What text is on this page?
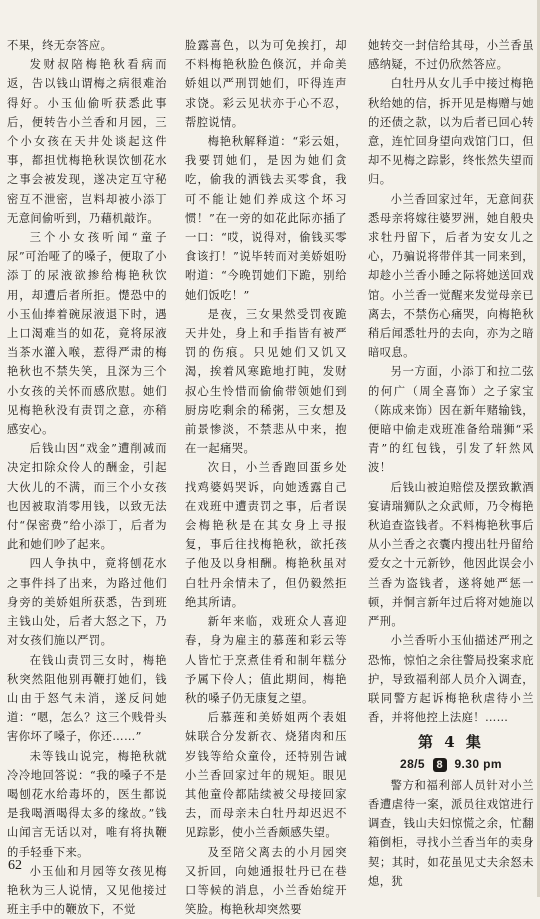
不果，终无奈答应。

发财叔陪梅艳秋看病而返，告以钱山谓梅之病很难治得好。小玉仙偷听获悉此事后，便转告小兰香和月园，三个小女孩在天井处谈起这件事，都担忧梅艳秋误饮刨花水之事会被发现，遂决定互守秘密互不泄密，岂料却被小添丁无意间偷听到，乃藉机敲诈。

三个小女孩听闻“童子尿”可治哑了的嗓子，便取了小添丁的尿液欲掺给梅艳秋饮用，却遭后者所拒。憷恐中的小玉仙捧着碗尿液退下时，遇上口渴难当的如花，竟将尿液当茶水灌入喉，惹得严肃的梅艳秋也不禁失笑，且深为三个小女孩的关怀而感欣慰。她们见梅艳秋没有责罚之意，亦稍感安心。

后钱山因“戏金”遭削减而决定扣除众伶人的酬金，引起大伙儿的不满，而三个小女孩也因被取消零用钱，以致无法付“保密费”给小添丁，后者为此和她们吵了起来。

四人争执中，竟将刨花水之事件抖了出来，为路过他们身旁的美娇姐所获悉，告到班主钱山处，后者大怒之下，乃对女孩们施以严罚。

在钱山责罚三女时，梅艳秋突然阻他别再鞭打她们，钱山由于怒气未消，遂反问她道：“嗯，怎么？这三个贱骨头害你坏了嗓子，你还……”

未等钱山说完，梅艳秋就冷冷地回答说：“我的嗓子不是喝刨花水给毒坏的，医生都说是我喝酒喝得太多的缘故。”钱山闻言无话以对，唯有将执鞭的手轻垂下来。

小玉仙和月园等女孩见梅艳秋为三人说情，又见他接过班主手中的鞭放下，不觉

脸露喜色，以为可免挨打，却不料梅艳秋脸色倏沉，并命美娇姐以严刑罚她们，吓得连声求饶。彩云见状亦于心不忍，帮腔说情。

梅艳秋解释道：“彩云姐，我要罚她们，是因为她们贪吃，偷我的洒钱去买零食，我可不能让她们养成这个坏习惯！”在一旁的如花此际亦插了一口：“哎，说得对，偷钱买零食该打！”说毕转而对美娇姐吩咐道：“今晚罚她们下跪，别给她们饭吃！”

是夜，三女果然受罚夜跪天井处，身上和手指皆有被严罚的伤痕。只见她们又饥又渴，挨着风寒跪地打盹，发财叔心生怜惜而偷偷带领她们到厨房吃剩余的稀粥，三女想及前景惨淡，不禁悲从中来，抱在一起痛哭。

次日，小兰香跑回蛋乡处找鸡婆妈哭诉，向她透露自己在戏班中遭责罚之事，后者误会梅艳秋是在其女身上寻报复，事后往找梅艳秋，欲托孩子他及以身相酬。梅艳秋虽对白牡丹余情未了，但仍毅然拒绝其所请。

新年来临，戏班众人喜迎春，身为雇主的慕莲和彩云等人皆忙于烹煮佳肴和制年糕分予属下伶人；值此期间，梅艳秋的嗓子仍无康复之望。

后慕莲和美娇姐两个表姐妹联合分发新衣、烧猪肉和压岁钱等给众童伶，还特别告诫小兰香回家过年的规矩。眼见其他童伶都陆续被父母接回家去，而母亲未白牡丹却迟迟不见踪影，使小兰香颇感失望。

及至陪父离去的小月园突又折回，向她通报牡丹已在巷口等候的消息，小兰香始绽开笑脸。梅艳秋却突然要

她转交一封信给其母，小兰香虽感纳疑，不过仍欣然答应。

白牡丹从女儿手中接过梅艳秋给她的信，拆开见是梅赠与她的还债之款，以为后者已回心转意，连忙回身望向戏馆门口，但却不见梅之踪影，终怅然失望而归。

小兰香回家过年，无意间获悉母亲将嫁往婆罗洲，她自般央求牡丹留下，后者为安女儿之心，乃骗说将带伴其一同来到，却趁小兰香小睡之际将她送回戏馆。小兰香一觉醒来发觉母亲已离去，不禁伤心痛哭，向梅艳秋稍后闻悉牡丹的去向，亦为之暗暗叹息。

另一方面，小添丁和拉二弦的何广（周全喜饰）之子家宝（陈成来饰）因在新年赌输钱，便暗中偷走戏班准备给瑞狮“采青”的红包钱，引发了轩然风波！

后钱山被迫赔偿及摆致歉酒宴请瑞狮队之众武师，乃令梅艳秋追查盗钱者。不料梅艳秋事后从小兰香之衣囊内搜出牡丹留给爱女之十元新钞，他因此误会小兰香为盗钱者，遂将她严惩一顿，并恫言新年过后将对她施以严刑。

小兰香听小玉仙描述严刑之恐怖，惊怕之余往警局投案求庇护，导致福利部人员介入调查，联同警方起诉梅艳秋虐待小兰香，并将他控上法庭！……

第 4 集
28/5 8 9.30 pm

警方和福利部人员针对小兰香遭虐待一案，派员往戏馆进行调查，钱山夫妇惊慌之余，忙翻箱倒柜，寻找小兰香当年的卖身契；其时，如花虽见丈夫余怒未熄，犹

62
